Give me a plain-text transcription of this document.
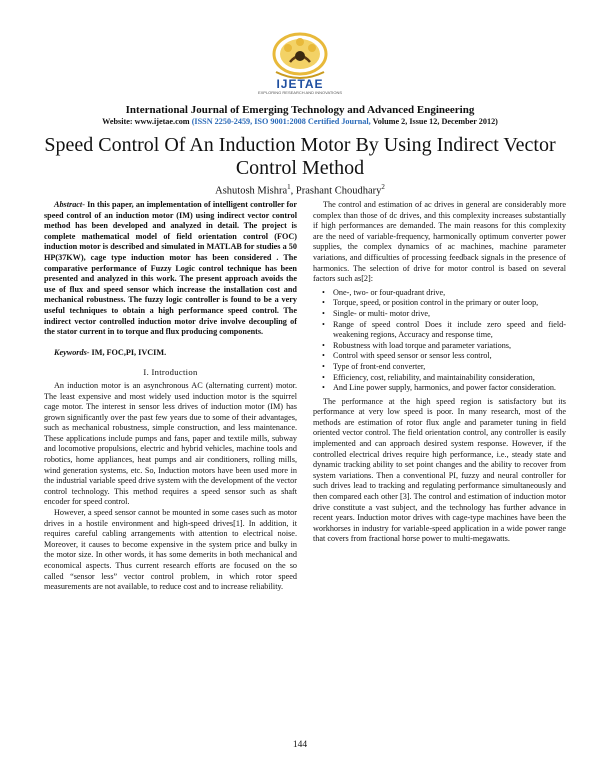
IJETAE
EXPLORING RESEARCH AND INNOVATIONS
International Journal of Emerging Technology and Advanced Engineering
Website: www.ijetae.com (ISSN 2250-2459, ISO 9001:2008 Certified Journal, Volume 2, Issue 12, December 2012)
Speed Control Of An Induction Motor By Using Indirect Vector Control Method
Ashutosh Mishra$^1$, Prashant Choudhary$^2$

Abstract- In this paper, an implementation of intelligent controller for speed control of an induction motor (IM) using indirect vector control method has been developed and analyzed in detail. The project is complete mathematical model of field orientation control (FOC) induction motor is described and simulated in MATLAB for studies a 50 HP(37KW), cage type induction motor has been considered . The comparative performance of Fuzzy Logic control technique has been presented and analyzed in this work. The present approach avoids the use of flux and speed sensor which increase the installation cost and mechanical robustness. The fuzzy logic controller is found to be a very useful techniques to obtain a high performance speed control. The indirect vector controlled induction motor drive involve decoupling of the stator current in to torque and flux producing components.

Keywords- IM, FOC,PI, IVCIM.

I. Introduction

An induction motor is an asynchronous AC (alternating current) motor. The least expensive and most widely used induction motor is the squirrel cage motor. The interest in sensor less drives of induction motor (IM) has grown significantly over the past few years due to some of their advantages, such as mechanical robustness, simple construction, and less maintenance. These applications include pumps and fans, paper and textile mills, subway and locomotive propulsions, electric and hybrid vehicles, machine tools and robotics, home appliances, heat pumps and air conditioners, rolling mills, wind generation systems, etc. So, Induction motors have been used more in the industrial variable speed drive system with the development of the vector control technology. This method requires a speed sensor such as shaft encoder for speed control.

However, a speed sensor cannot be mounted in some cases such as motor drives in a hostile environment and high-speed drives[1]. In addition, it requires careful cabling arrangements with attention to electrical noise. Moreover, it causes to become expensive in the system price and bulky in the motor size. In other words, it has some demerits in both mechanical and economical aspects. Thus current research efforts are focused on the so called “sensor less” vector control problem, in which rotor speed measurements are not available, to reduce cost and to increase reliability.

The control and estimation of ac drives in general are considerably more complex than those of dc drives, and this complexity increases substantially if high performances are demanded. The main reasons for this complexity are the need of variable-frequency, harmonically optimum converter power supplies, the complex dynamics of ac machines, machine parameter variations, and difficulties of processing feedback signals in the presence of harmonics. The selection of drive for motor control is based on several factors such as[2]:

• One-, two- or four-quadrant drive,
• Torque, speed, or position control in the primary or outer loop,
• Single- or multi- motor drive,
• Range of speed control Does it include zero speed and field-weakening regions, Accuracy and response time,
• Robustness with load torque and parameter variations,
• Control with speed sensor or sensor less control,
• Type of front-end converter,
• Efficiency, cost, reliability, and maintainability consideration,
• And Line power supply, harmonics, and power factor consideration.

The performance at the high speed region is satisfactory but its performance at very low speed is poor. In many research, most of the methods are estimation of rotor flux angle and parameter tuning in field oriented vector control. The field orientation control, any controller is easily implemented and can approach desired system response. However, if the controlled electrical drives require high performance, i.e., steady state and dynamic tracking ability to set point changes and the ability to recover from system variations. Then a conventional PI, fuzzy and neural controller for such drives lead to tracking and regulating performance simultaneously and then compared each other [3]. The control and estimation of induction motor drive constitute a vast subject, and the technology has further advance in recent years. Induction motor drives with cage-type machines have been the workhorses in industry for variable-speed application in a wide power range that covers from fractional horse power to multi-megawatts.

144
